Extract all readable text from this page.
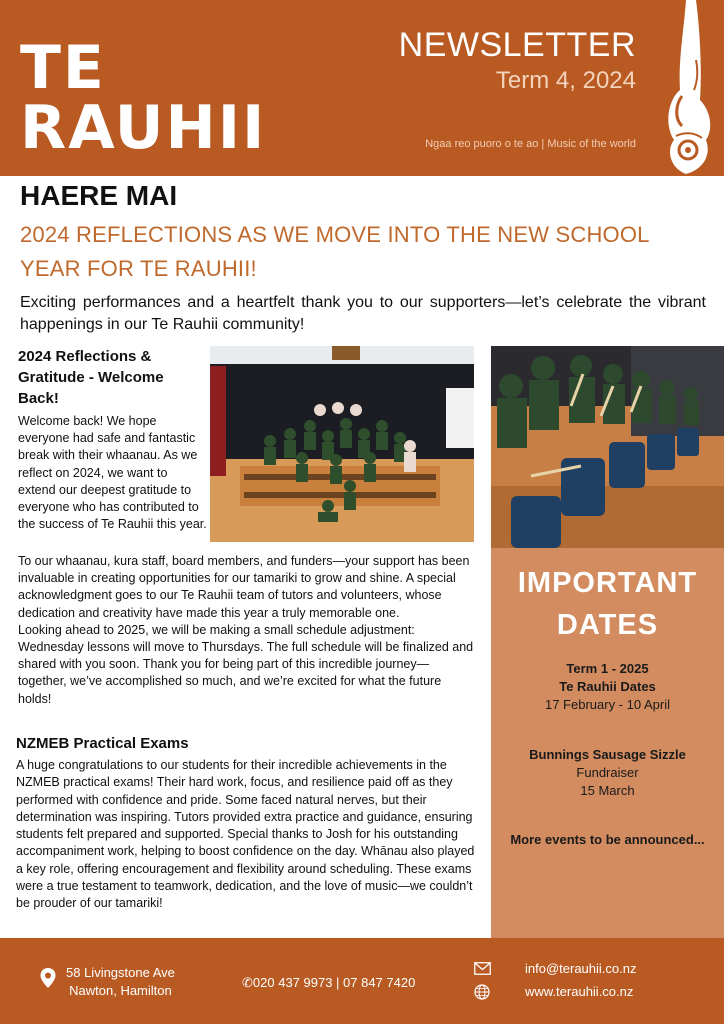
TE
RAUHII
NEWSLETTER
Term 4, 2024
Ngaa reo puoro o te ao | Music of the world
HAERE MAI
2024 REFLECTIONS AS WE MOVE INTO THE NEW SCHOOL YEAR FOR TE RAUHII!
Exciting performances and a heartfelt thank you to our supporters—let’s celebrate the vibrant happenings in our Te Rauhii community!
2024 Reflections & Gratitude - Welcome Back!
Welcome back! We hope everyone had safe and fantastic break with their whaanau. As we reflect on 2024, we want to extend our deepest gratitude to everyone who has contributed to the success of Te Rauhii this year.

To our whaanau, kura staff, board members, and funders—your support has been invaluable in creating opportunities for our tamariki to grow and shine. A special acknowledgment goes to our Te Rauhii team of tutors and volunteers, whose dedication and creativity have made this year a truly memorable one.

Looking ahead to 2025, we will be making a small schedule adjustment: Wednesday lessons will move to Thursdays. The full schedule will be finalized and shared with you soon. Thank you for being part of this incredible journey—together, we’ve accomplished so much, and we’re excited for what the future holds!

NZMEB Practical Exams
A huge congratulations to our students for their incredible achievements in the NZMEB practical exams! Their hard work, focus, and resilience paid off as they performed with confidence and pride. Some faced natural nerves, but their determination was inspiring. Tutors provided extra practice and guidance, ensuring students felt prepared and supported. Special thanks to Josh for his outstanding accompaniment work, helping to boost confidence on the day. Whānau also played a key role, offering encouragement and flexibility around scheduling. These exams were a true testament to teamwork, dedication, and the love of music—we couldn’t be prouder of our tamariki!
IMPORTANT DATES
Term 1 - 2025
Te Rauhii Dates
17 February - 10 April
Bunnings Sausage Sizzle
Fundraiser
15 March
More events to be announced...
58 Livingstone Ave
Nawton, Hamilton
✆020 437 9973 | 07 847 7420
info@terauhii.co.nz
www.terauhii.co.nz
